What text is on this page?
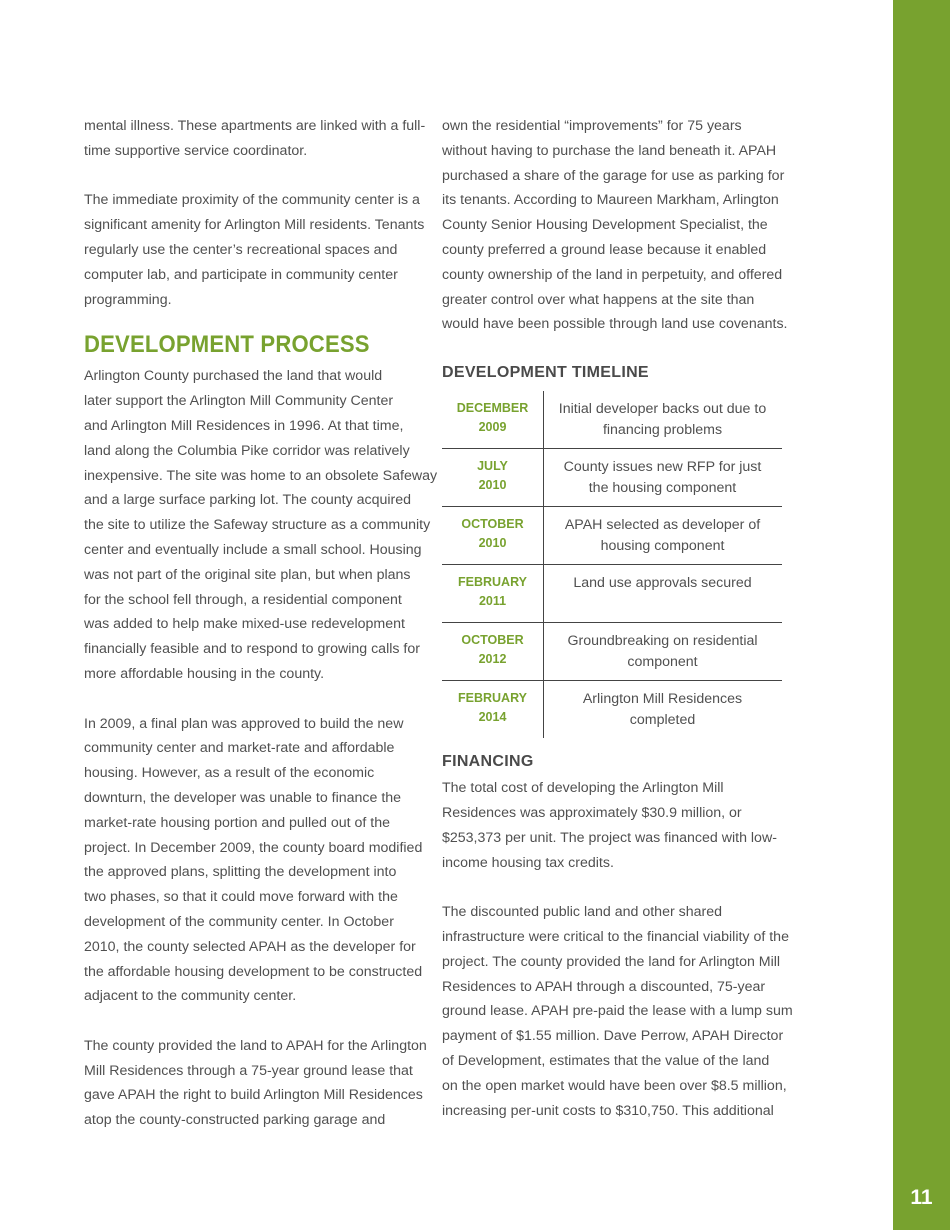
11

mental illness. These apartments are linked with a full-
time supportive service coordinator.

The immediate proximity of the community center is a
significant amenity for Arlington Mill residents. Tenants
regularly use the center’s recreational spaces and
computer lab, and participate in community center
programming.

DEVELOPMENT PROCESS

Arlington County purchased the land that would
later support the Arlington Mill Community Center
and Arlington Mill Residences in 1996. At that time,
land along the Columbia Pike corridor was relatively
inexpensive. The site was home to an obsolete Safeway
and a large surface parking lot. The county acquired
the site to utilize the Safeway structure as a community
center and eventually include a small school. Housing
was not part of the original site plan, but when plans
for the school fell through, a residential component
was added to help make mixed-use redevelopment
financially feasible and to respond to growing calls for
more affordable housing in the county.

In 2009, a final plan was approved to build the new
community center and market-rate and affordable
housing. However, as a result of the economic
downturn, the developer was unable to finance the
market-rate housing portion and pulled out of the
project. In December 2009, the county board modified
the approved plans, splitting the development into
two phases, so that it could move forward with the
development of the community center. In October
2010, the county selected APAH as the developer for
the affordable housing development to be constructed
adjacent to the community center.

The county provided the land to APAH for the Arlington
Mill Residences through a 75-year ground lease that
gave APAH the right to build Arlington Mill Residences
atop the county-constructed parking garage and

own the residential “improvements” for 75 years
without having to purchase the land beneath it. APAH
purchased a share of the garage for use as parking for
its tenants. According to Maureen Markham, Arlington
County Senior Housing Development Specialist, the
county preferred a ground lease because it enabled
county ownership of the land in perpetuity, and offered
greater control over what happens at the site than
would have been possible through land use covenants.

DEVELOPMENT TIMELINE
DECEMBER
2009
Initial developer backs out due to
financing problems
JULY
2010
County issues new RFP for just
the housing component
OCTOBER
2010
APAH selected as developer of
housing component
FEBRUARY
2011
Land use approvals secured
OCTOBER
2012
Groundbreaking on residential
component
FEBRUARY
2014
Arlington Mill Residences
completed
FINANCING

The total cost of developing the Arlington Mill
Residences was approximately $30.9 million, or
$253,373 per unit. The project was financed with low-
income housing tax credits.

The discounted public land and other shared
infrastructure were critical to the financial viability of the
project. The county provided the land for Arlington Mill
Residences to APAH through a discounted, 75-year
ground lease. APAH pre-paid the lease with a lump sum
payment of $1.55 million. Dave Perrow, APAH Director
of Development, estimates that the value of the land
on the open market would have been over $8.5 million,
increasing per-unit costs to $310,750. This additional
